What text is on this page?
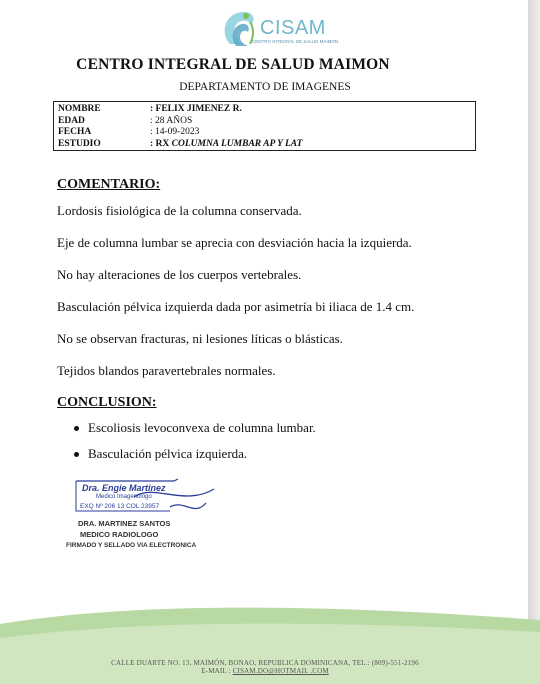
CISAM
CENTRO INTEGRAL DE SALUD MAIMON
CENTRO INTEGRAL DE SALUD MAIMON
DEPARTAMENTO DE IMAGENES
NOMBRE	: FELIX JIMENEZ R.
EDAD	: 28 AÑOS
FECHA	: 14-09-2023
ESTUDIO	: RX COLUMNA LUMBAR AP Y LAT
COMENTARIO:
Lordosis fisiológica de la columna conservada.
Eje de columna lumbar se aprecia con desviación hacia la izquierda.
No hay alteraciones de los cuerpos vertebrales.
Basculación pélvica izquierda dada por asimetría bi iliaca de 1.4 cm.
No se observan fracturas, ni lesiones líticas o blásticas.
Tejidos blandos paravertebrales normales.
CONCLUSION:
Escoliosis levoconvexa de columna lumbar.
Basculación pélvica izquierda.
Dra. Engie Martinez
Medico Imagenólogo
EXQ Nº 206 13 COL 23957
DRA. MARTINEZ SANTOS
MEDICO RADIOLOGO
FIRMADO Y SELLADO VIA ELECTRONICA
CALLE DUARTE NO. 13, MAIMÓN, BONAO, REPUBLICA DOMINICANA, TEL.: (809)-551-2196
E-MAIL : CISAM.DO@HOTMAIL .COM
